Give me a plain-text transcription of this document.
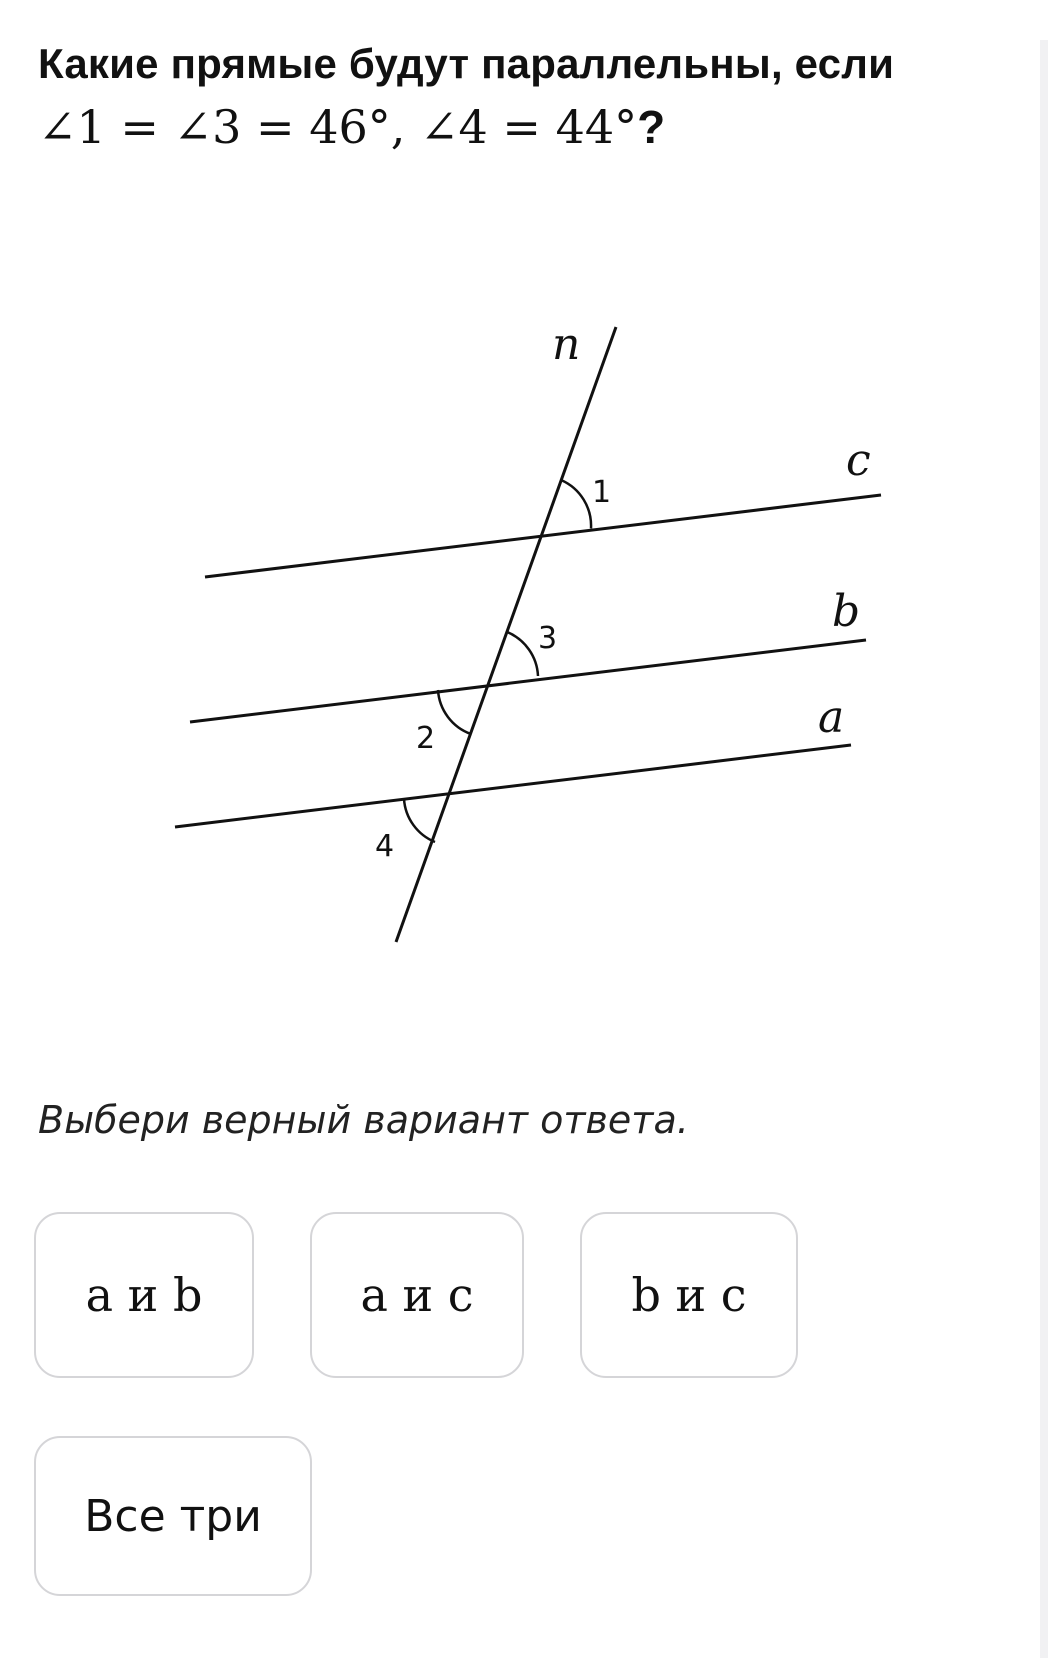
Какие прямые будут параллельны, если
∠1 = ∠3 = 46°, ∠4 = 44°?
n
c
b
a
1
3
2
4
Выбери верный вариант ответа.
a и b	a и c	b и c
Все три
